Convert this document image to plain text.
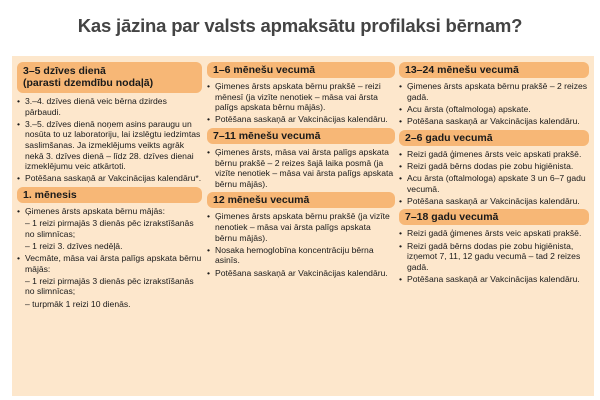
Kas jāzina par valsts apmaksātu profilaksi bērnam?
3–5 dzīves dienā
(parasti dzemdību nodaļā)
• 3.–4. dzīves dienā veic bērna dzirdes pārbaudi.
• 3.–5. dzīves dienā noņem asins paraugu un nosūta to uz laboratoriju, lai izslēgtu iedzimtas saslimšanas. Ja izmeklējums veikts agrāk nekā 3. dzīves dienā – līdz 28. dzīves dienai izmeklējumu veic atkārtoti.
• Potēšana saskaņā ar Vakcinācijas kalendāru*.
1. mēnesis
• Ģimenes ārsts apskata bērnu mājās:
– 1 reizi pirmajās 3 dienās pēc izrakstīšanās no slimnīcas;
– 1 reizi 3. dzīves nedēļā.
• Vecmāte, māsa vai ārsta palīgs apskata bērnu mājās:
– 1 reizi pirmajās 3 dienās pēc izrakstīšanās no slimnīcas;
– turpmāk 1 reizi 10 dienās.
1–6 mēnešu vecumā
• Ģimenes ārsts apskata bērnu prakšē – reizi mēnesī (ja vizīte nenotiek – māsa vai ārsta palīgs apskata bērnu mājās).
• Potēšana saskaņā ar Vakcinācijas kalendāru.
7–11 mēnešu vecumā
• Ģimenes ārsts, māsa vai ārsta palīgs apskata bērnu prakšē – 2 reizes šajā laika posmā (ja vizīte nenotiek – māsa vai ārsta palīgs apskata bērnu mājās).
12 mēnešu vecumā
• Ģimenes ārsts apskata bērnu prakšē (ja vizīte nenotiek – māsa vai ārsta palīgs apskata bērnu mājās).
• Nosaka hemoglobīna koncentrāciju bērna asinīs.
• Potēšana saskaņā ar Vakcinācijas kalendāru.
13–24 mēnešu vecumā
• Ģimenes ārsts apskata bērnu prakšē – 2 reizes gadā.
• Acu ārsta (oftalmologa) apskate.
• Potēšana saskaņā ar Vakcinācijas kalendāru.
2–6 gadu vecumā
• Reizi gadā ģimenes ārsts veic apskati prakšē.
• Reizi gadā bērns dodas pie zobu higiēnista.
• Acu ārsta (oftalmologa) apskate 3 un 6–7 gadu vecumā.
• Potēšana saskaņā ar Vakcinācijas kalendāru.
7–18 gadu vecumā
• Reizi gadā ģimenes ārsts veic apskati prakšē.
• Reizi gadā bērns dodas pie zobu higiēnista, izņemot 7, 11, 12 gadu vecumā – tad 2 reizes gadā.
• Potēšana saskaņā ar Vakcinācijas kalendāru.
